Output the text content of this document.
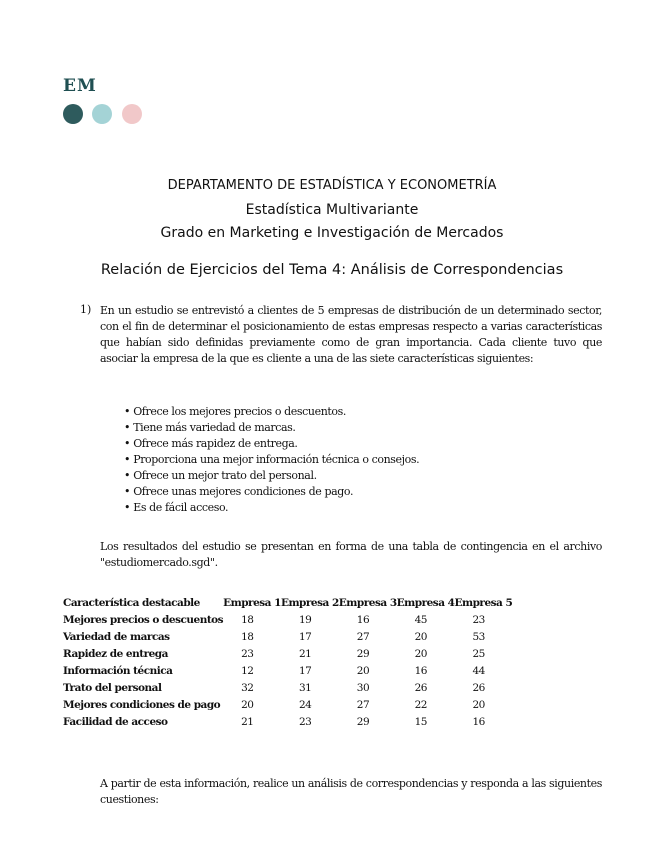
EM
DEPARTAMENTO DE ESTADÍSTICA Y ECONOMETRÍA
Estadística Multivariante
Grado en Marketing e Investigación de Mercados
Relación de Ejercicios del Tema 4: Análisis de Correspondencias
1) En un estudio se entrevistó a clientes de 5 empresas de distribución de un determinado sector, con el fin de determinar el posicionamiento de estas empresas respecto a varias características que habían sido definidas previamente como de gran importancia. Cada cliente tuvo que asociar la empresa de la que es cliente a una de las siete características siguientes:
• Ofrece los mejores precios o descuentos.
• Tiene más variedad de marcas.
• Ofrece más rapidez de entrega.
• Proporciona una mejor información técnica o consejos.
• Ofrece un mejor trato del personal.
• Ofrece unas mejores condiciones de pago.
• Es de fácil acceso.
Los resultados del estudio se presentan en forma de una tabla de contingencia en el archivo "estudiomercado.sgd".
Característica destacable	Empresa 1	Empresa 2	Empresa 3	Empresa 4	Empresa 5
Mejores precios o descuentos	18	19	16	45	23
Variedad de marcas	18	17	27	20	53
Rapidez de entrega	23	21	29	20	25
Información técnica	12	17	20	16	44
Trato del personal	32	31	30	26	26
Mejores condiciones de pago	20	24	27	22	20
Facilidad de acceso	21	23	29	15	16
A partir de esta información, realice un análisis de correspondencias y responda a las siguientes cuestiones:
